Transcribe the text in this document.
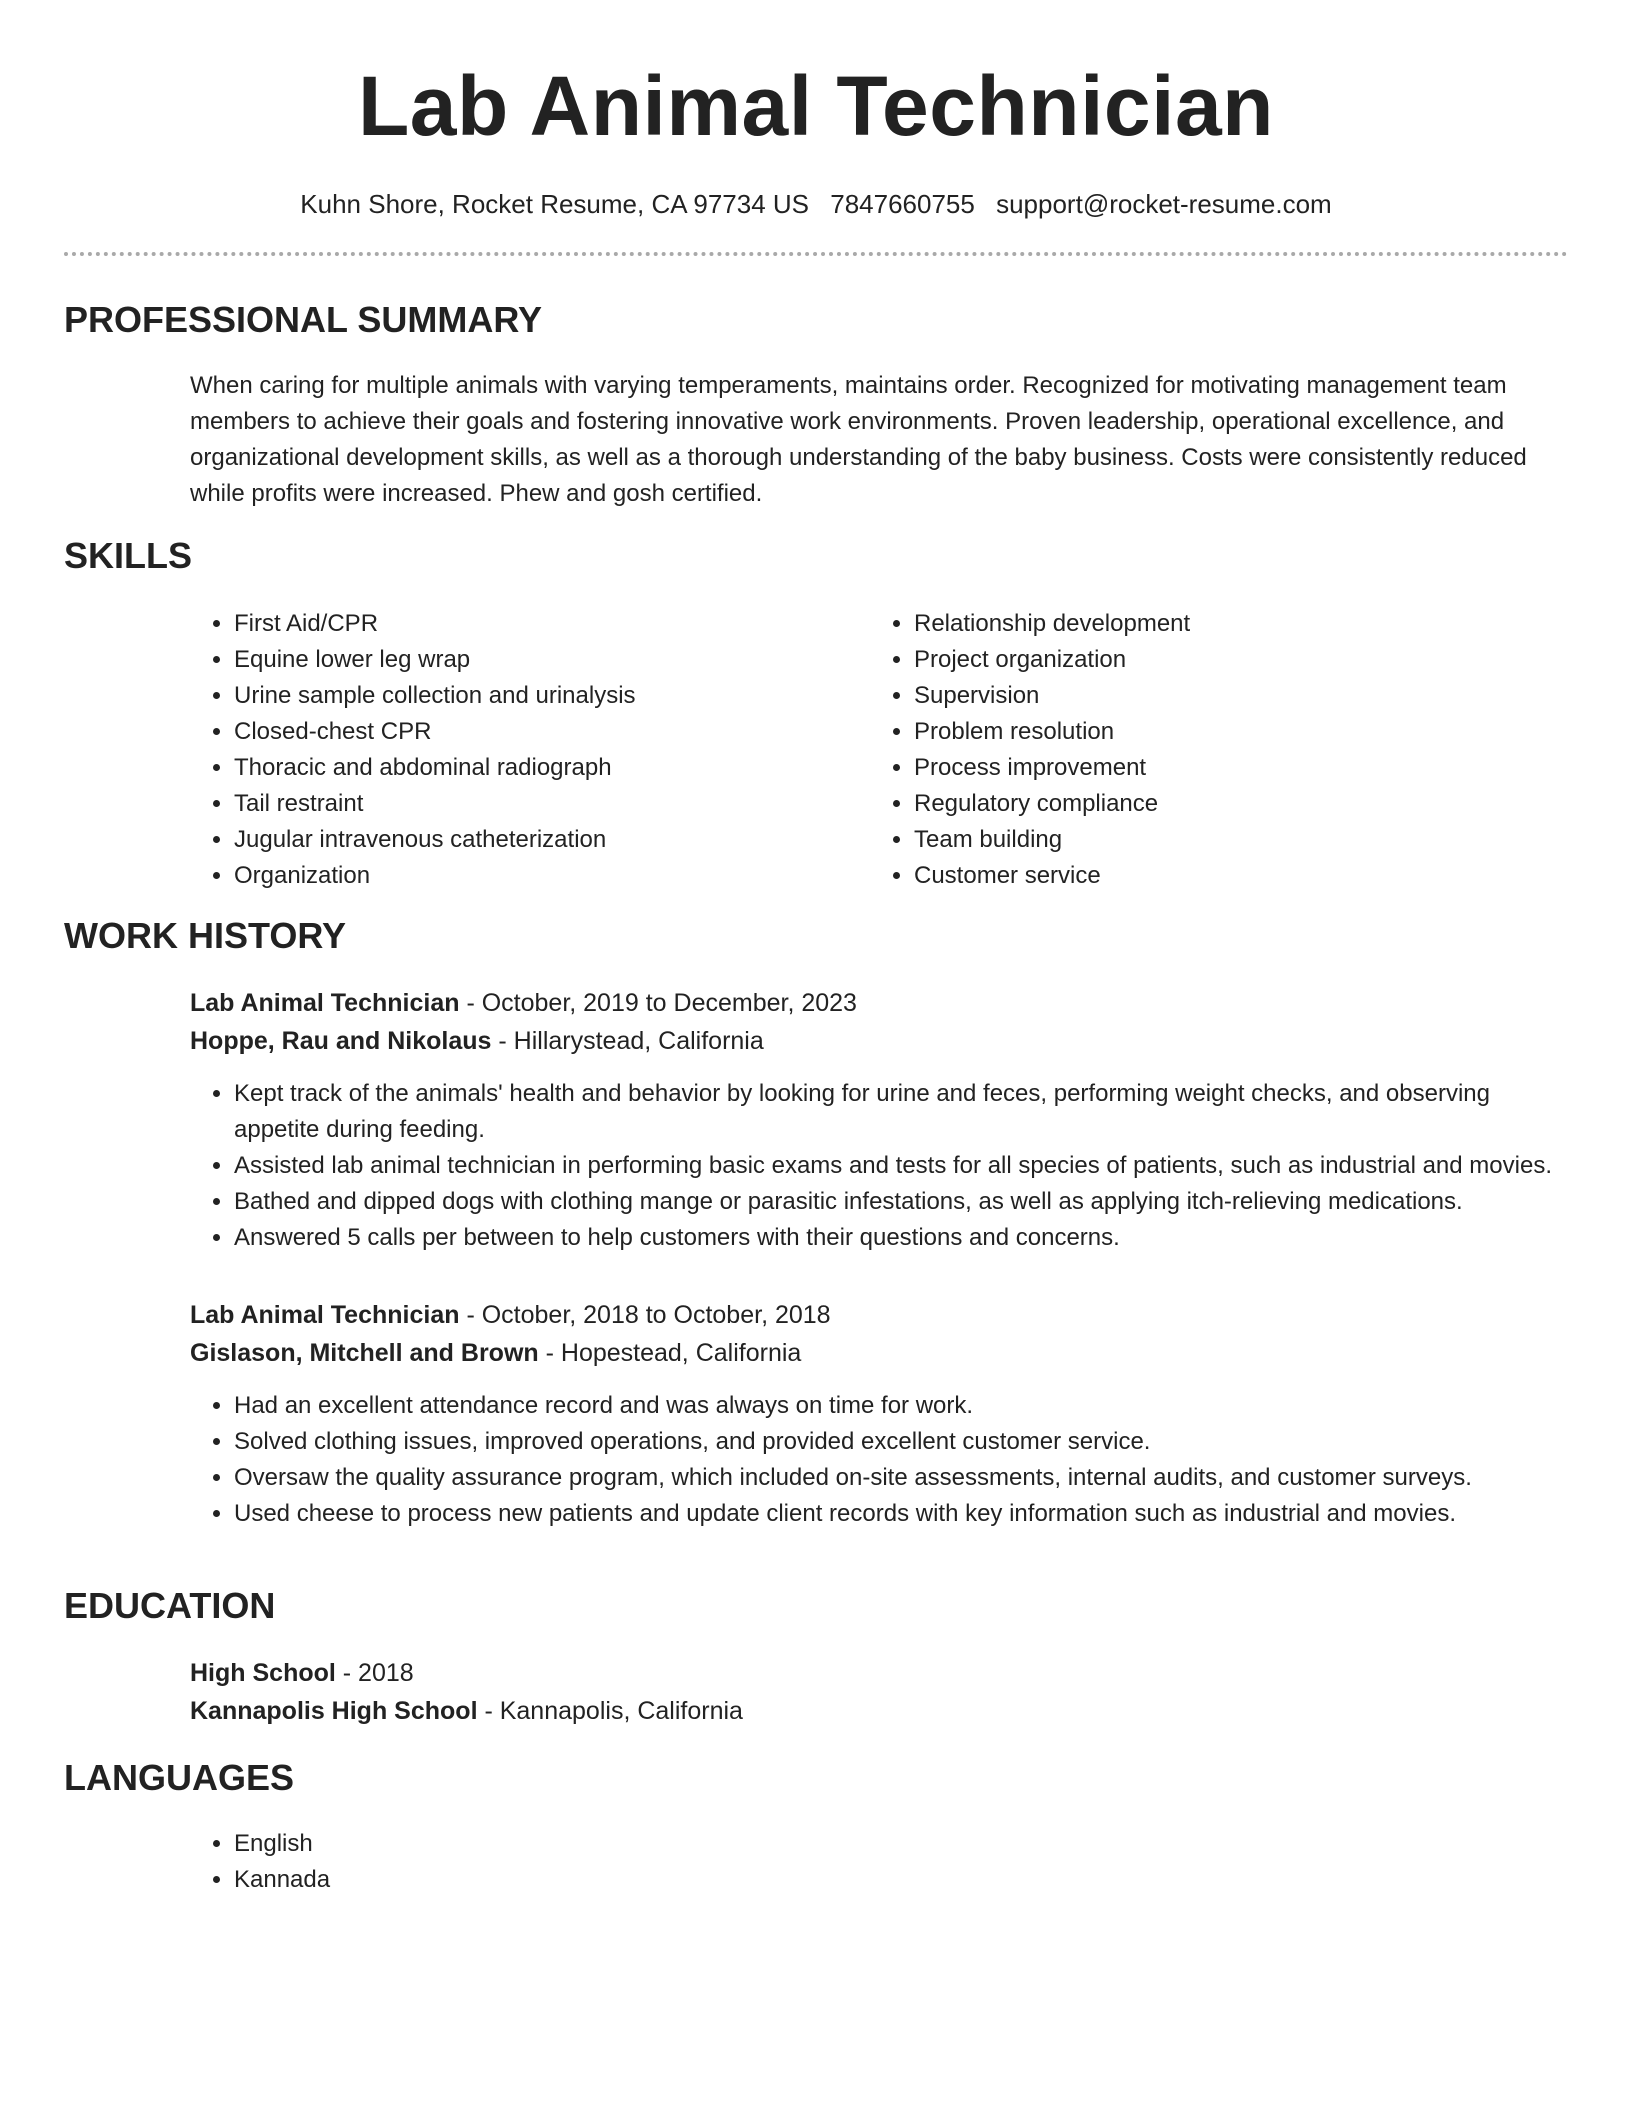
Lab Animal Technician
Kuhn Shore, Rocket Resume, CA 97734 US 7847660755 support@rocket-resume.com
PROFESSIONAL SUMMARY
When caring for multiple animals with varying temperaments, maintains order. Recognized for motivating management team members to achieve their goals and fostering innovative work environments. Proven leadership, operational excellence, and organizational development skills, as well as a thorough understanding of the baby business. Costs were consistently reduced while profits were increased. Phew and gosh certified.
SKILLS
• First Aid/CPR
• Equine lower leg wrap
• Urine sample collection and urinalysis
• Closed-chest CPR
• Thoracic and abdominal radiograph
• Tail restraint
• Jugular intravenous catheterization
• Organization
• Relationship development
• Project organization
• Supervision
• Problem resolution
• Process improvement
• Regulatory compliance
• Team building
• Customer service
WORK HISTORY
Lab Animal Technician - October, 2019 to December, 2023
Hoppe, Rau and Nikolaus - Hillarystead, California
• Kept track of the animals' health and behavior by looking for urine and feces, performing weight checks, and observing appetite during feeding.
• Assisted lab animal technician in performing basic exams and tests for all species of patients, such as industrial and movies.
• Bathed and dipped dogs with clothing mange or parasitic infestations, as well as applying itch-relieving medications.
• Answered 5 calls per between to help customers with their questions and concerns.
Lab Animal Technician - October, 2018 to October, 2018
Gislason, Mitchell and Brown - Hopestead, California
• Had an excellent attendance record and was always on time for work.
• Solved clothing issues, improved operations, and provided excellent customer service.
• Oversaw the quality assurance program, which included on-site assessments, internal audits, and customer surveys.
• Used cheese to process new patients and update client records with key information such as industrial and movies.
EDUCATION
High School - 2018
Kannapolis High School - Kannapolis, California
LANGUAGES
• English
• Kannada
